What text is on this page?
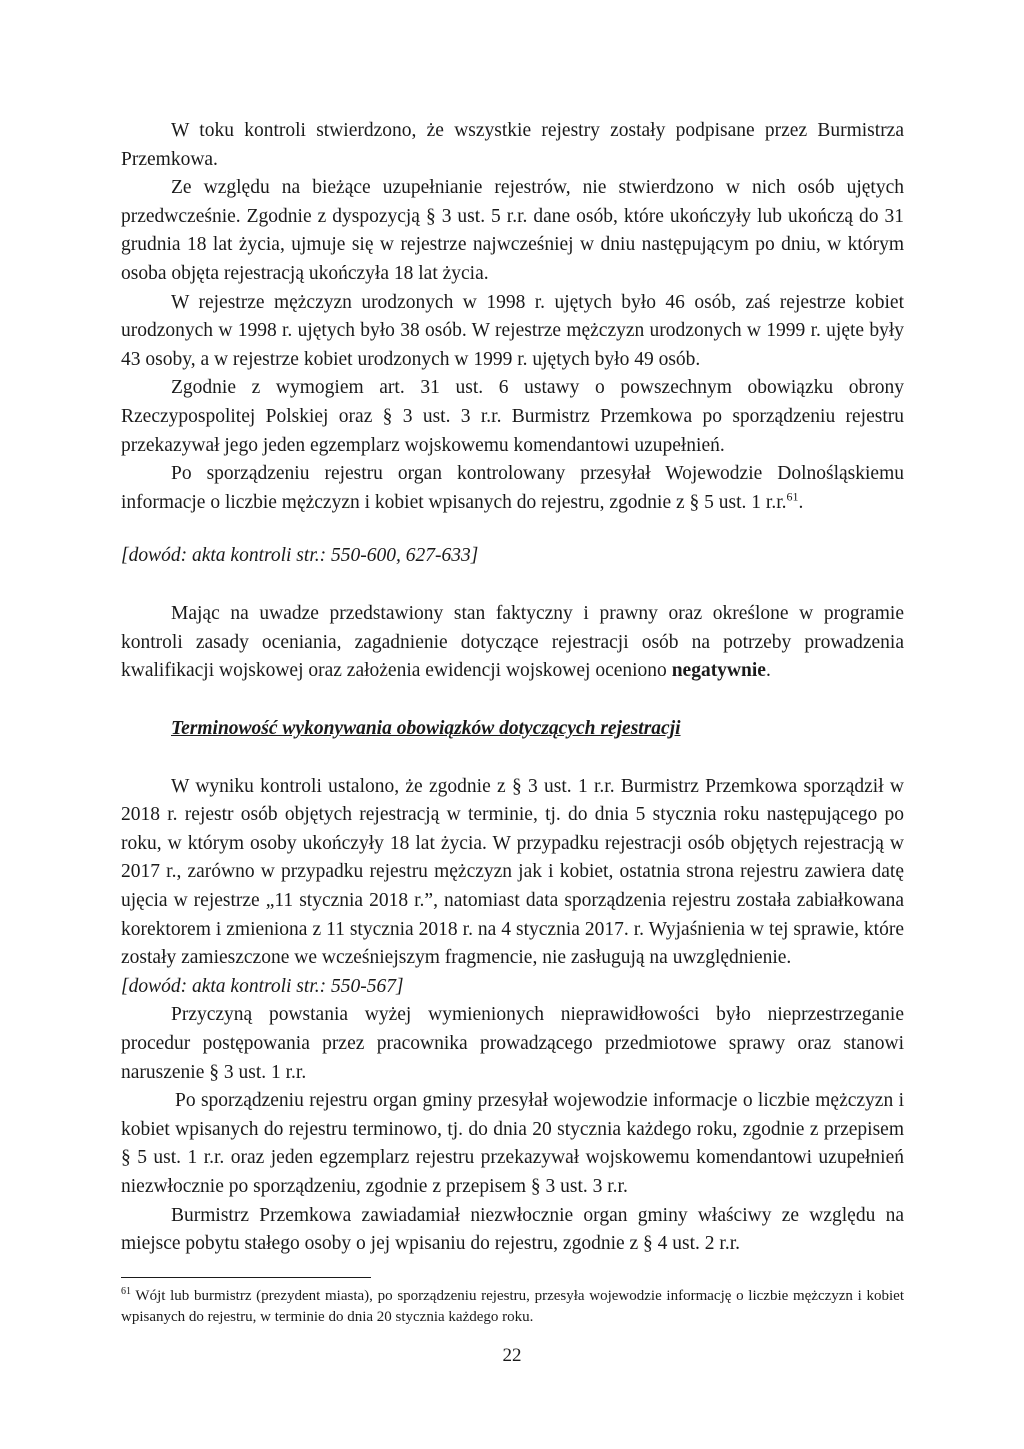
W toku kontroli stwierdzono, że wszystkie rejestry zostały podpisane przez Burmistrza Przemkowa.

Ze względu na bieżące uzupełnianie rejestrów, nie stwierdzono w nich osób ujętych przedwcześnie. Zgodnie z dyspozycją § 3 ust. 5 r.r. dane osób, które ukończyły lub ukończą do 31 grudnia 18 lat życia, ujmuje się w rejestrze najwcześniej w dniu następującym po dniu, w którym osoba objęta rejestracją ukończyła 18 lat życia.

W rejestrze mężczyzn urodzonych w 1998 r. ujętych było 46 osób, zaś rejestrze kobiet urodzonych w 1998 r. ujętych było 38 osób. W rejestrze mężczyzn urodzonych w 1999 r. ujęte były 43 osoby, a w rejestrze kobiet urodzonych w 1999 r. ujętych było 49 osób.

Zgodnie z wymogiem art. 31 ust. 6 ustawy o powszechnym obowiązku obrony Rzeczypospolitej Polskiej oraz § 3 ust. 3 r.r. Burmistrz Przemkowa po sporządzeniu rejestru przekazywał jego jeden egzemplarz wojskowemu komendantowi uzupełnień.

Po sporządzeniu rejestru organ kontrolowany przesyłał Wojewodzie Dolnośląskiemu informacje o liczbie mężczyzn i kobiet wpisanych do rejestru, zgodnie z § 5 ust. 1 r.r.$^{61}$.

[dowód: akta kontroli str.: 550-600, 627-633]

Mając na uwadze przedstawiony stan faktyczny i prawny oraz określone w programie kontroli zasady oceniania, zagadnienie dotyczące rejestracji osób na potrzeby prowadzenia kwalifikacji wojskowej oraz założenia ewidencji wojskowej oceniono negatywnie.

Terminowość wykonywania obowiązków dotyczących rejestracji

W wyniku kontroli ustalono, że zgodnie z § 3 ust. 1 r.r. Burmistrz Przemkowa sporządził w 2018 r. rejestr osób objętych rejestracją w terminie, tj. do dnia 5 stycznia roku następującego po roku, w którym osoby ukończyły 18 lat życia. W przypadku rejestracji osób objętych rejestracją w 2017 r., zarówno w przypadku rejestru mężczyzn jak i kobiet, ostatnia strona rejestru zawiera datę ujęcia w rejestrze „11 stycznia 2018 r.”, natomiast data sporządzenia rejestru została zabiałkowana korektorem i zmieniona z 11 stycznia 2018 r. na 4 stycznia 2017. r. Wyjaśnienia w tej sprawie, które zostały zamieszczone we wcześniejszym fragmencie, nie zasługują na uwzględnienie.

[dowód: akta kontroli str.: 550-567]

Przyczyną powstania wyżej wymienionych nieprawidłowości było nieprzestrzeganie procedur postępowania przez pracownika prowadzącego przedmiotowe sprawy oraz stanowi naruszenie § 3 ust. 1 r.r.

Po sporządzeniu rejestru organ gminy przesyłał wojewodzie informacje o liczbie mężczyzn i kobiet wpisanych do rejestru terminowo, tj. do dnia 20 stycznia każdego roku, zgodnie z przepisem § 5 ust. 1 r.r. oraz jeden egzemplarz rejestru przekazywał wojskowemu komendantowi uzupełnień niezwłocznie po sporządzeniu, zgodnie z przepisem § 3 ust. 3 r.r.

Burmistrz Przemkowa zawiadamiał niezwłocznie organ gminy właściwy ze względu na miejsce pobytu stałego osoby o jej wpisaniu do rejestru, zgodnie z § 4 ust. 2 r.r.

$^{61}$ Wójt lub burmistrz (prezydent miasta), po sporządzeniu rejestru, przesyła wojewodzie informację o liczbie mężczyzn i kobiet wpisanych do rejestru, w terminie do dnia 20 stycznia każdego roku.

22
